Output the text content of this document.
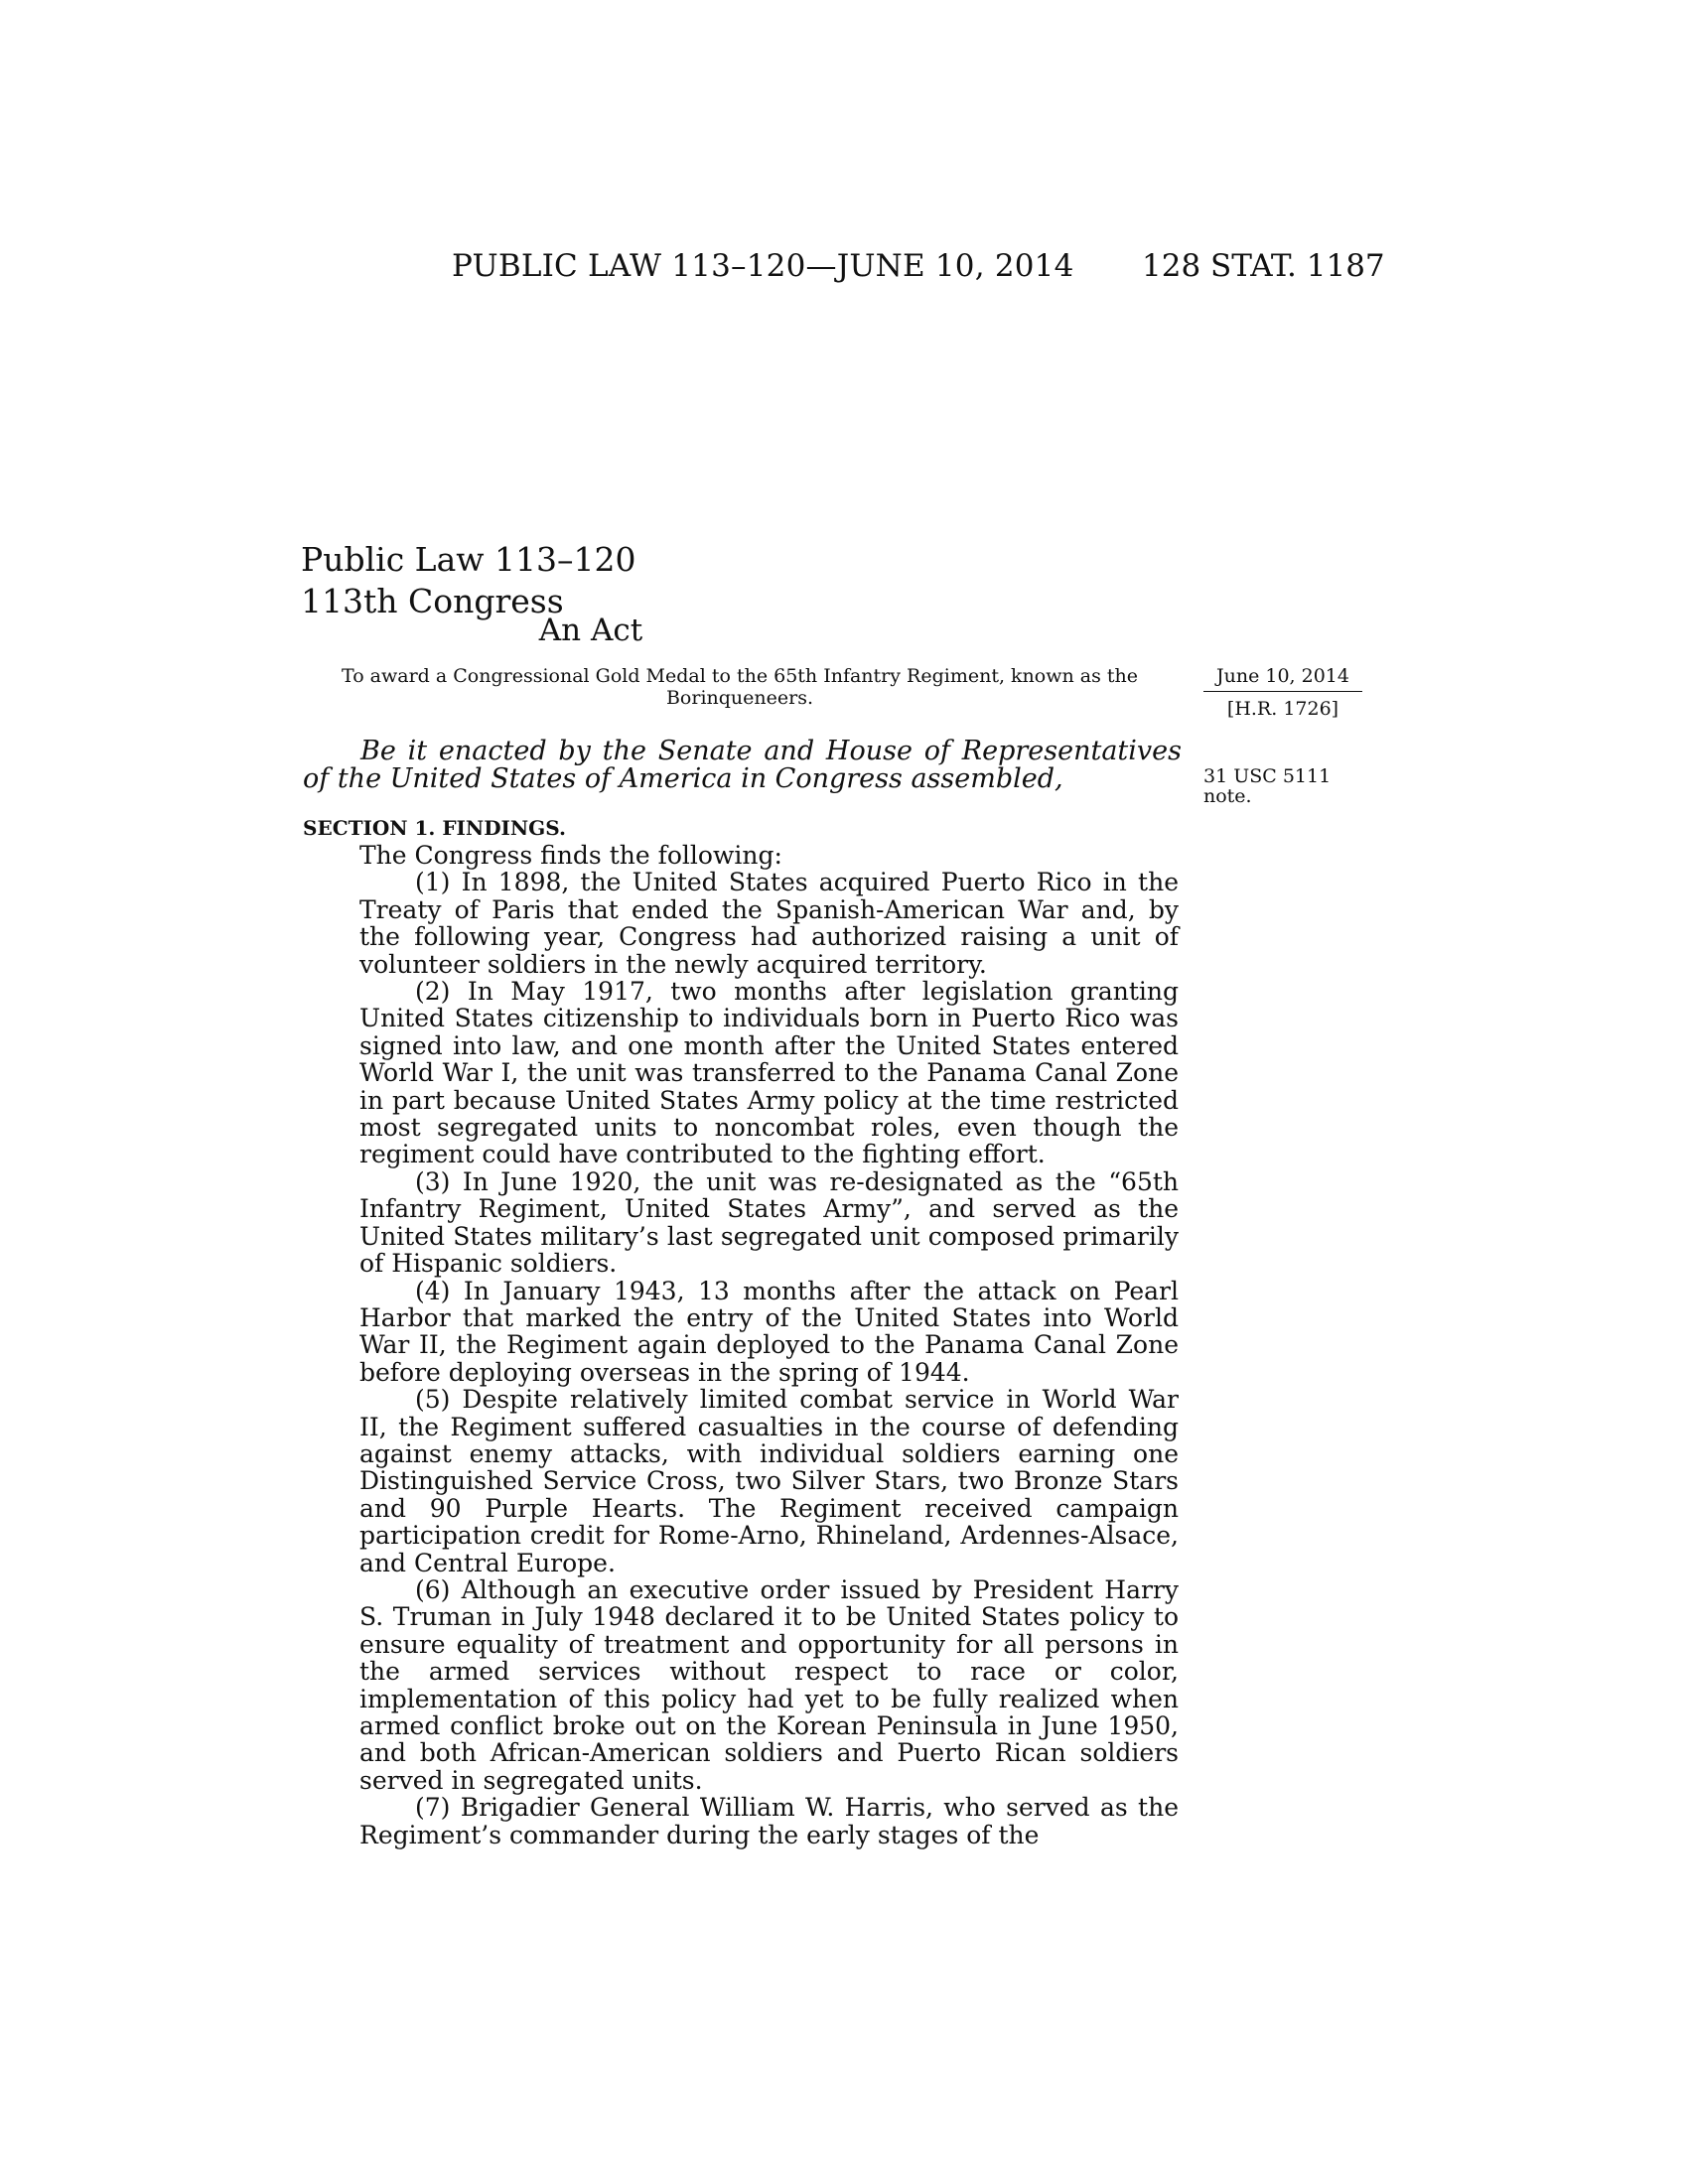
PUBLIC LAW 113–120—JUNE 10, 2014 128 STAT. 1187
Public Law 113–120
113th Congress
An Act
To award a Congressional Gold Medal to the 65th Infantry Regiment, known as the Borinqueneers.
June 10, 2014
[H.R. 1726]
Be it enacted by the Senate and House of Representatives of the United States of America in Congress assembled,	31 USC 5111
note.
SECTION 1. FINDINGS.

The Congress finds the following:

(1) In 1898, the United States acquired Puerto Rico in the Treaty of Paris that ended the Spanish-American War and, by the following year, Congress had authorized raising a unit of volunteer soldiers in the newly acquired territory.

(2) In May 1917, two months after legislation granting United States citizenship to individuals born in Puerto Rico was signed into law, and one month after the United States entered World War I, the unit was transferred to the Panama Canal Zone in part because United States Army policy at the time restricted most segregated units to noncombat roles, even though the regiment could have contributed to the fighting effort.

(3) In June 1920, the unit was re-designated as the “65th Infantry Regiment, United States Army”, and served as the United States military’s last segregated unit composed primarily of Hispanic soldiers.

(4) In January 1943, 13 months after the attack on Pearl Harbor that marked the entry of the United States into World War II, the Regiment again deployed to the Panama Canal Zone before deploying overseas in the spring of 1944.

(5) Despite relatively limited combat service in World War II, the Regiment suffered casualties in the course of defending against enemy attacks, with individual soldiers earning one Distinguished Service Cross, two Silver Stars, two Bronze Stars and 90 Purple Hearts. The Regiment received campaign participation credit for Rome-Arno, Rhineland, Ardennes-Alsace, and Central Europe.

(6) Although an executive order issued by President Harry S. Truman in July 1948 declared it to be United States policy to ensure equality of treatment and opportunity for all persons in the armed services without respect to race or color, implementation of this policy had yet to be fully realized when armed conflict broke out on the Korean Peninsula in June 1950, and both African-American soldiers and Puerto Rican soldiers served in segregated units.

(7) Brigadier General William W. Harris, who served as the Regiment’s commander during the early stages of the
